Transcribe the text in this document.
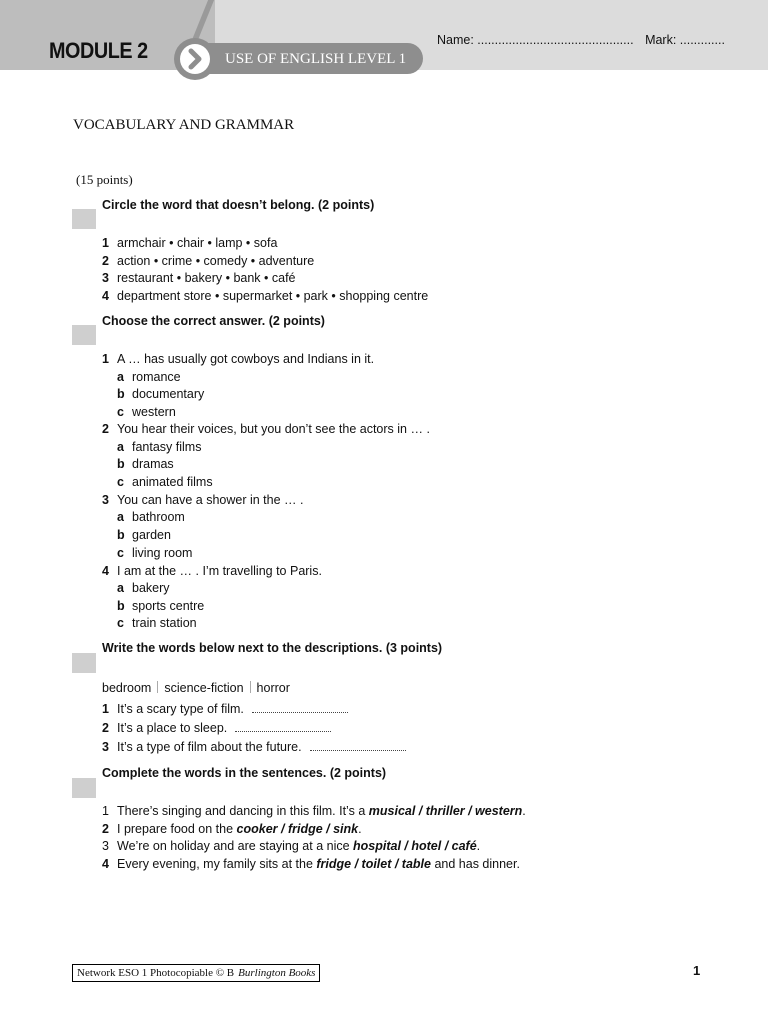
MODULE 2	USE OF ENGLISH LEVEL 1
Name: ............................................. Mark: .............
VOCABULARY AND GRAMMAR
(15 points)
Circle the word that doesn’t belong. (2 points)
1 armchair • chair • lamp • sofa
2 action • crime • comedy • adventure
3 restaurant • bakery • bank • café
4 department store • supermarket • park • shopping centre
Choose the correct answer. (2 points)
1 A … has usually got cowboys and Indians in it.
a romance
b documentary
c western
2 You hear their voices, but you don’t see the actors in … .
a fantasy films
b dramas
c animated films
3 You can have a shower in the … .
a bathroom
b garden
c living room
4 I am at the … . I’m travelling to Paris.
a bakery
b sports centre
c train station
Write the words below next to the descriptions. (3 points)
bedroom science-fiction horror
1 It’s a scary type of film.
2 It’s a place to sleep.
3 It’s a type of film about the future.
Complete the words in the sentences. (2 points)
1 There’s singing and dancing in this film. It’s a musical / thriller / western.
2 I prepare food on the cooker / fridge / sink.
3 We’re on holiday and are staying at a nice hospital / hotel / café.
4 Every evening, my family sits at the fridge / toilet / table and has dinner.
Network ESO 1 Photocopiable © B Burlington Books	1
